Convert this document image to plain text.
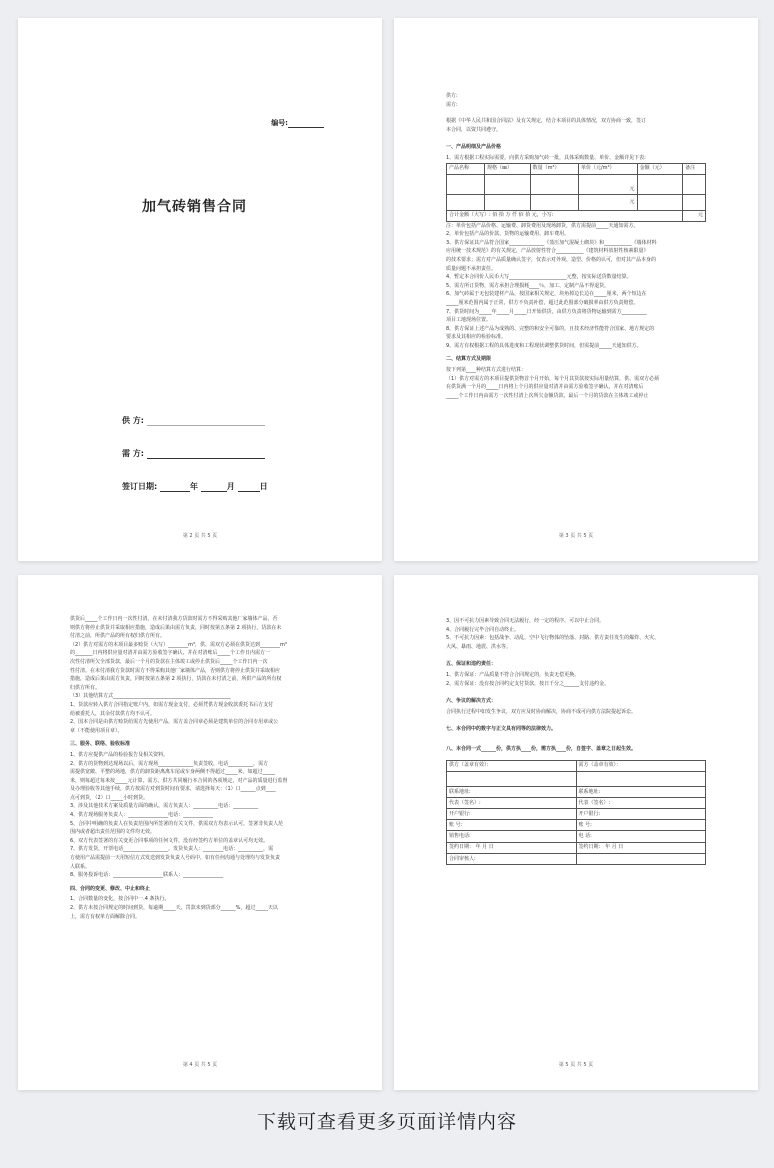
编号:
加气砖销售合同
供 方:
需 方:
签订日期:	年	月	日
第 2 页 共 5 页

供方:

需方:

根据《中华人民共和国合同法》及有关规定，结合本项目的具体情况，双方协商一致，签订

本合同，以资共同遵守。

一、产品明细及产品价格

1、需方根据工程实际需要，向供方采购加气砖一批，具体采购数量、单价、金额详见下表:

产品名称	规格（㎜）	数量（m³）	单价（元/m³）	金额（元）	备注
			元		
			元		
合计金额（大写）: 佰 拾 万 仟 佰 拾 元，小写:					元

注：单价包括产品价格、运输费、卸货费用及现场卸货，供方需提前_____天通知需方。

2、单价包括产品的价款、货物的运输费用、卸车费用。

3、供方保证其产品符合国家______________《蒸压加气混凝土砌块》和___________《墙体材料

应用统一技术规范》的有关规定，产品放射性符合___________《建筑材料放射性核素限量》

的技术要求；需方对产品质量确认签字，仅表示对外观、造型、价格的认可，但对其产品本身的

质量问题不承担责任。

4、暂定本合同价人民币大写_______________________元整，按实际送货数量结算。

5、需方所订货物，需方承担合理损耗____％，加工、定制产品不得退货。

6、加气砖属于无包装建材产品，按国家相关规定，块角掉边长边在_____厘米，两个短边在

_____厘米范围内属于正常，供方不负责补偿，超过此范围部分破损率由供方负责赔偿。

7、供货时间为_____年_____月_____日开始供货，由供方负责将货物运输到需方__________

项目工地现场位置。

8、供方保证上述产品为成熟的、完整的和安全可靠的，且技术经济性能符合国家、地方规定的

要求及其相应的检验标准。

9、需方有权根据工程的具体进度和工程现状调整供货时间，但需提前_____天通知供方。

二、结算方式及期限

按下列第____种结算方式进行结算：

（1）供方对需方的本项目提供货物首个月开始，每个月其货款按实际用量结算，供、需双方必须

在供货满一个月的_____日内将上个月的供应量对清并由需方验收签字确认，并在对清账后

_____个工作日内由需方一次性付清上次所欠金额货款，最后一个月的货款在主体竣工或停止

第 3 页 共 5 页

供货后_____个工作日内一次性付清。在未付清我方货款时需方不得采购其他厂家墙体产品，否

则供方将停止供货并采取相应措施，造成后果由需方负责，同时按第五条第 2 项执行，货款在未

付清之前，所供产品的所有权归供方所有。

（2）供方对需方的本项目最多赊货（大写）________m³，供、需双方必须在供货达到________m³

的_______日内将供应量对清并由需方验收签字确认，并在对清账后_____个工作日内需方一

次性付清所欠全部货款，最后一个月的货款在主体竣工或停止供货后_____个工作日内一次

性付清。在未付清我方货款时需方不得采购其他厂家墙体产品，否则供方将停止供货并采取相应

措施，造成后果由需方负责，同时按第五条第 2 项执行，货款在未付清之前，所供产品的所有权

归供方所有。

（3）其他结算方式_______________________________________________

1、货款应转入供方合同指定账户内，如需方现金支付，必须凭供方现金收款委托书后方支付

给被委托人，其余付款供方均不认可。

2、国本合同是由供方赊货给需方先使用产品，需方盖合同章必须是建筑单位的合同专用章或公

章（不能使用项目章）。

三、服务、联络、验收标准

1、供方应提供产品的检验报告及相关资料。

2、供方的货物到达现场以后，需方现场______________负责签收，电话__________，需方

需提供宽敞、平整的场地，供方的卸货距离离车尾或车身两侧不得超过_____米，如超过_____

米，则每超过每米按_____元计算，需方、供方共同履行本合同的各项规定，对产品的质量进行监督

及办理验收等其他手续，供方按需方对到货时间有要求，请选择每天：（1）口______点到____

点可到货，（2）口_____小时到货。

3、涉及其他技术方案及质量方面的确认，需方负责人：__________电话：__________

4、供方现场服务负责人：________________电话：____________

5、合同中明确的负责人在负责范围内所签署的有关文件，供需双方均表示认可，签署非负责人范

围内或者超出责任范围的文件均无效。

6、双方代表签署的有关变更合同事项的任何文件，没有经签约方单位的盖章认可均无效。

7、供方发货，开票电话__________________，发货负责人：________电话：__________，需

方使用产品需提前一天用短信方式发送到发货负责人号码中，如有任何沟通与处理均与发货负责

人联系。

8、服务投诉电话：____________________联系人：________________

四、合同的变更、修改、中止和终止

1、合同数量的变化，按合同中一.4 条执行。

2、供方未按合同规定的时间到货，每逾期_____天，罚款未到货部分______%，超过_____天以

上，需方有权单方面解除合同。

第 4 页 共 5 页

3、因不可抗力因素导致合同无法履行，经一定的程序，可以中止合同。

4、合同履行完毕合同自动终止。

5、不可抗力因素：包括战争、动乱、空中飞行物体的坠落、封路、供方责任发生的爆炸、火灾、

大风、暴雨、地震、洪水等。

五、保证和违约责任：

1、供方保证：产品质量不符合合同规定的，负责无偿更换。

2、需方保证：没有按合同约定支付货款，按日千分之______支付违约金。

六、争议的解决方式：

合同执行过程中如发生争议，双方应及时协商解决，协商不成可向供方法院提起诉讼。

七、本合同中的数字与正文具有同等的法律效力。

八、本合同一式______份，供方执____份，需方执____份，自签字、盖章之日起生效。

供方（盖章有效）：	需方（盖章有效）：

联系地址:	联系地址:
代表（签名）:	代表（签名）:
开户银行:	开户银行:
账 号:	账 号:
销售电话:	电 话:
签约日期： 年 月 日	签约日期： 年 月 日
合同审核人:	
第 5 页 共 5 页
下载可查看更多页面详情内容
